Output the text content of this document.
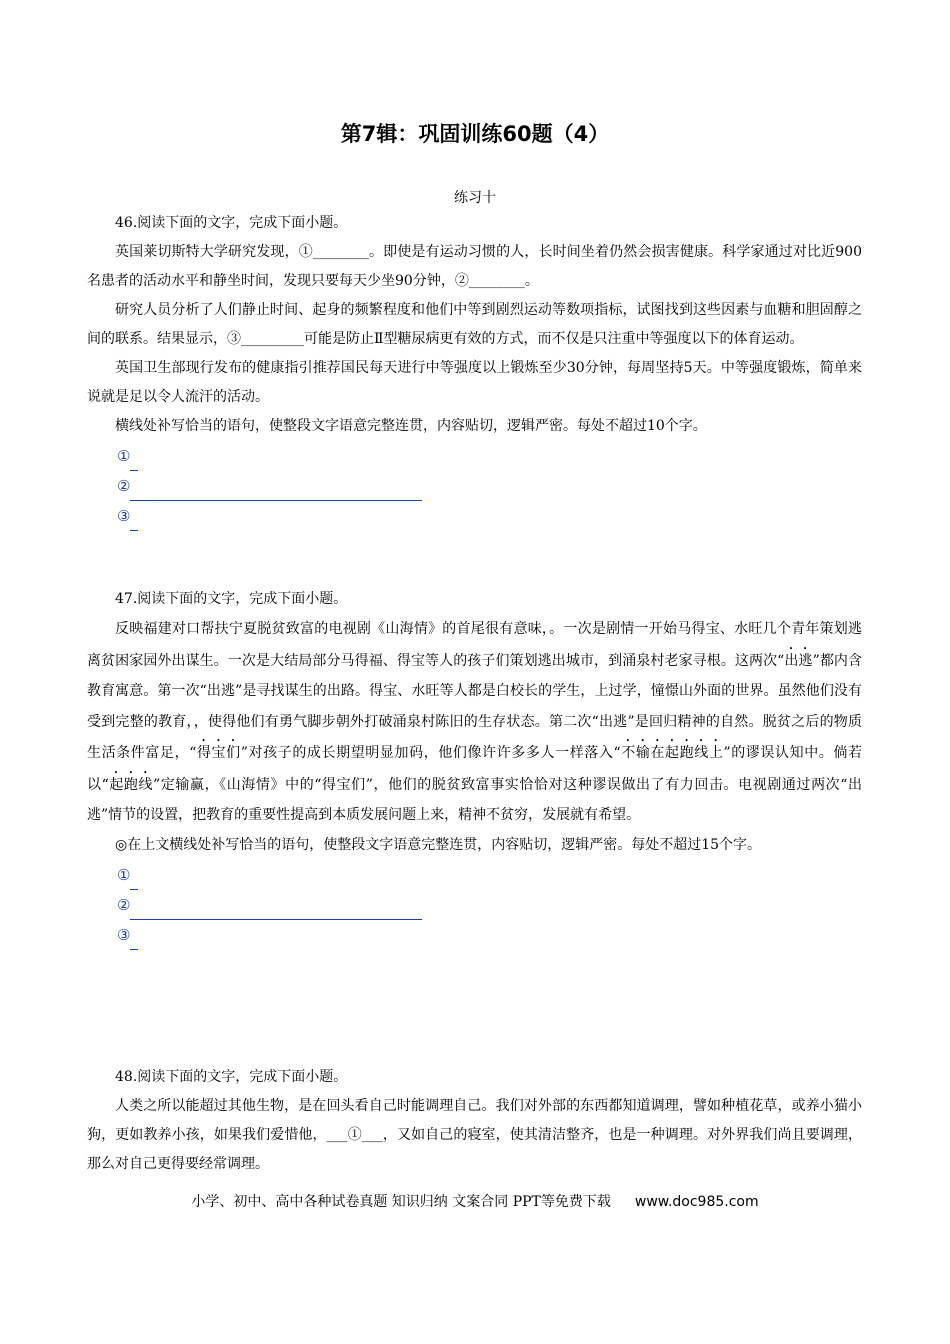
第7辑：巩固训练60题（4）
练习十

46.阅读下面的文字，完成下面小题。

英国莱切斯特大学研究发现，①________。即使是有运动习惯的人，长时间坐着仍然会损害健康。科学家通过对比近900名患者的活动水平和静坐时间，发现只要每天少坐90分钟，②________。

研究人员分析了人们静止时间、起身的频繁程度和他们中等到剧烈运动等数项指标，试图找到这些因素与血糖和胆固醇之间的联系。结果显示，③_________可能是防止Ⅱ型糖尿病更有效的方式，而不仅是只注重中等强度以下的体育运动。

英国卫生部现行发布的健康指引推荐国民每天进行中等强度以上锻炼至少30分钟，每周坚持5天。中等强度锻炼，简单来说就是足以令人流汗的活动。

横线处补写恰当的语句，使整段文字语意完整连贯，内容贴切，逻辑严密。每处不超过10个字。

①
②
③

47.阅读下面的文字，完成下面小题。

反映福建对口帮扶宁夏脱贫致富的电视剧《山海情》的首尾很有意味，。一次是剧情一开始马得宝、水旺几个青年策划逃离贫困家园外出谋生。一次是大结局部分马得福、得宝等人的孩子们策划逃出城市，到涌泉村老家寻根。这两次“出逃”都内含教育寓意。第一次“出逃”是寻找谋生的出路。得宝、水旺等人都是白校长的学生，上过学，憧憬山外面的世界。虽然他们没有受到完整的教育，，使得他们有勇气脚步朝外打破涌泉村陈旧的生存状态。第二次“出逃”是回归精神的自然。脱贫之后的物质生活条件富足，“得宝们”对孩子的成长期望明显加码，他们像许许多多人一样落入“不输在起跑线上”的谬误认知中。倘若以“起跑线”定输赢，《山海情》中的“得宝们”，他们的脱贫致富事实恰恰对这种谬误做出了有力回击。电视剧通过两次“出逃”情节的设置，把教育的重要性提高到本质发展问题上来，精神不贫穷，发展就有希望。

◎在上文横线处补写恰当的语句，使整段文字语意完整连贯，内容贴切，逻辑严密。每处不超过15个字。

①
②
③

48.阅读下面的文字，完成下面小题。

人类之所以能超过其他生物，是在回头看自己时能调理自己。我们对外部的东西都知道调理，譬如种植花草，或养小猫小狗，更如教养小孩，如果我们爱惜他，___①___，又如自己的寝室，使其清洁整齐，也是一种调理。对外界我们尚且要调理，那么对自己更得要经常调理。

小学、初中、高中各种试卷真题 知识归纳 文案合同 PPT等免费下载 www.doc985.com
